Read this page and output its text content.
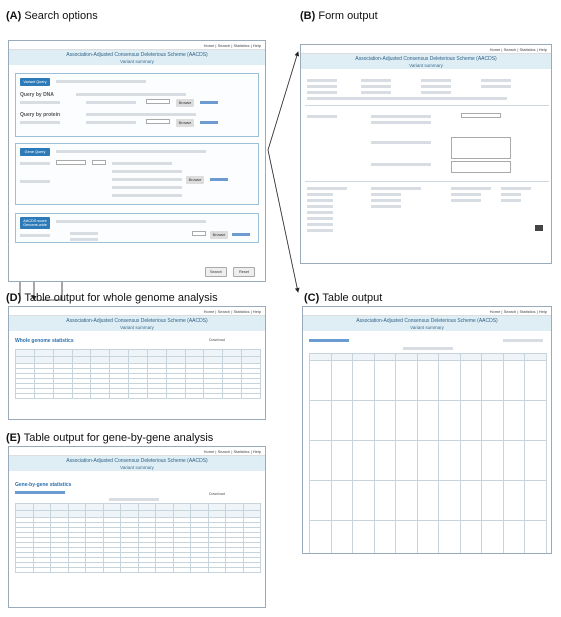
(A) Search options	(B) Form output
(D) Table output for whole genome analysis	(C) Table output
(E) Table output for gene-by-gene analysis
Home | Search | Statistics | Help
Association-Adjusted Consensus Deleterious Scheme (AACDS)
Variant summary
Variant Query
Query by DNA
Browse
Query by protein
Browse
Gene Query
Browse
AACDS score Genome-wide
Browse
Search	Reset
Home | Search | Statistics | Help
Association-Adjusted Consensus Deleterious Scheme (AACDS)
Variant summary
Home | Search | Statistics | Help
Association-Adjusted Consensus Deleterious Scheme (AACDS)
Variant summary

Home | Search | Statistics | Help
Association-Adjusted Consensus Deleterious Scheme (AACDS)
Variant summary
Whole genome statistics	Download

Home | Search | Statistics | Help
Association-Adjusted Consensus Deleterious Scheme (AACDS)
Variant summary
Gene-by-gene statistics
Download
